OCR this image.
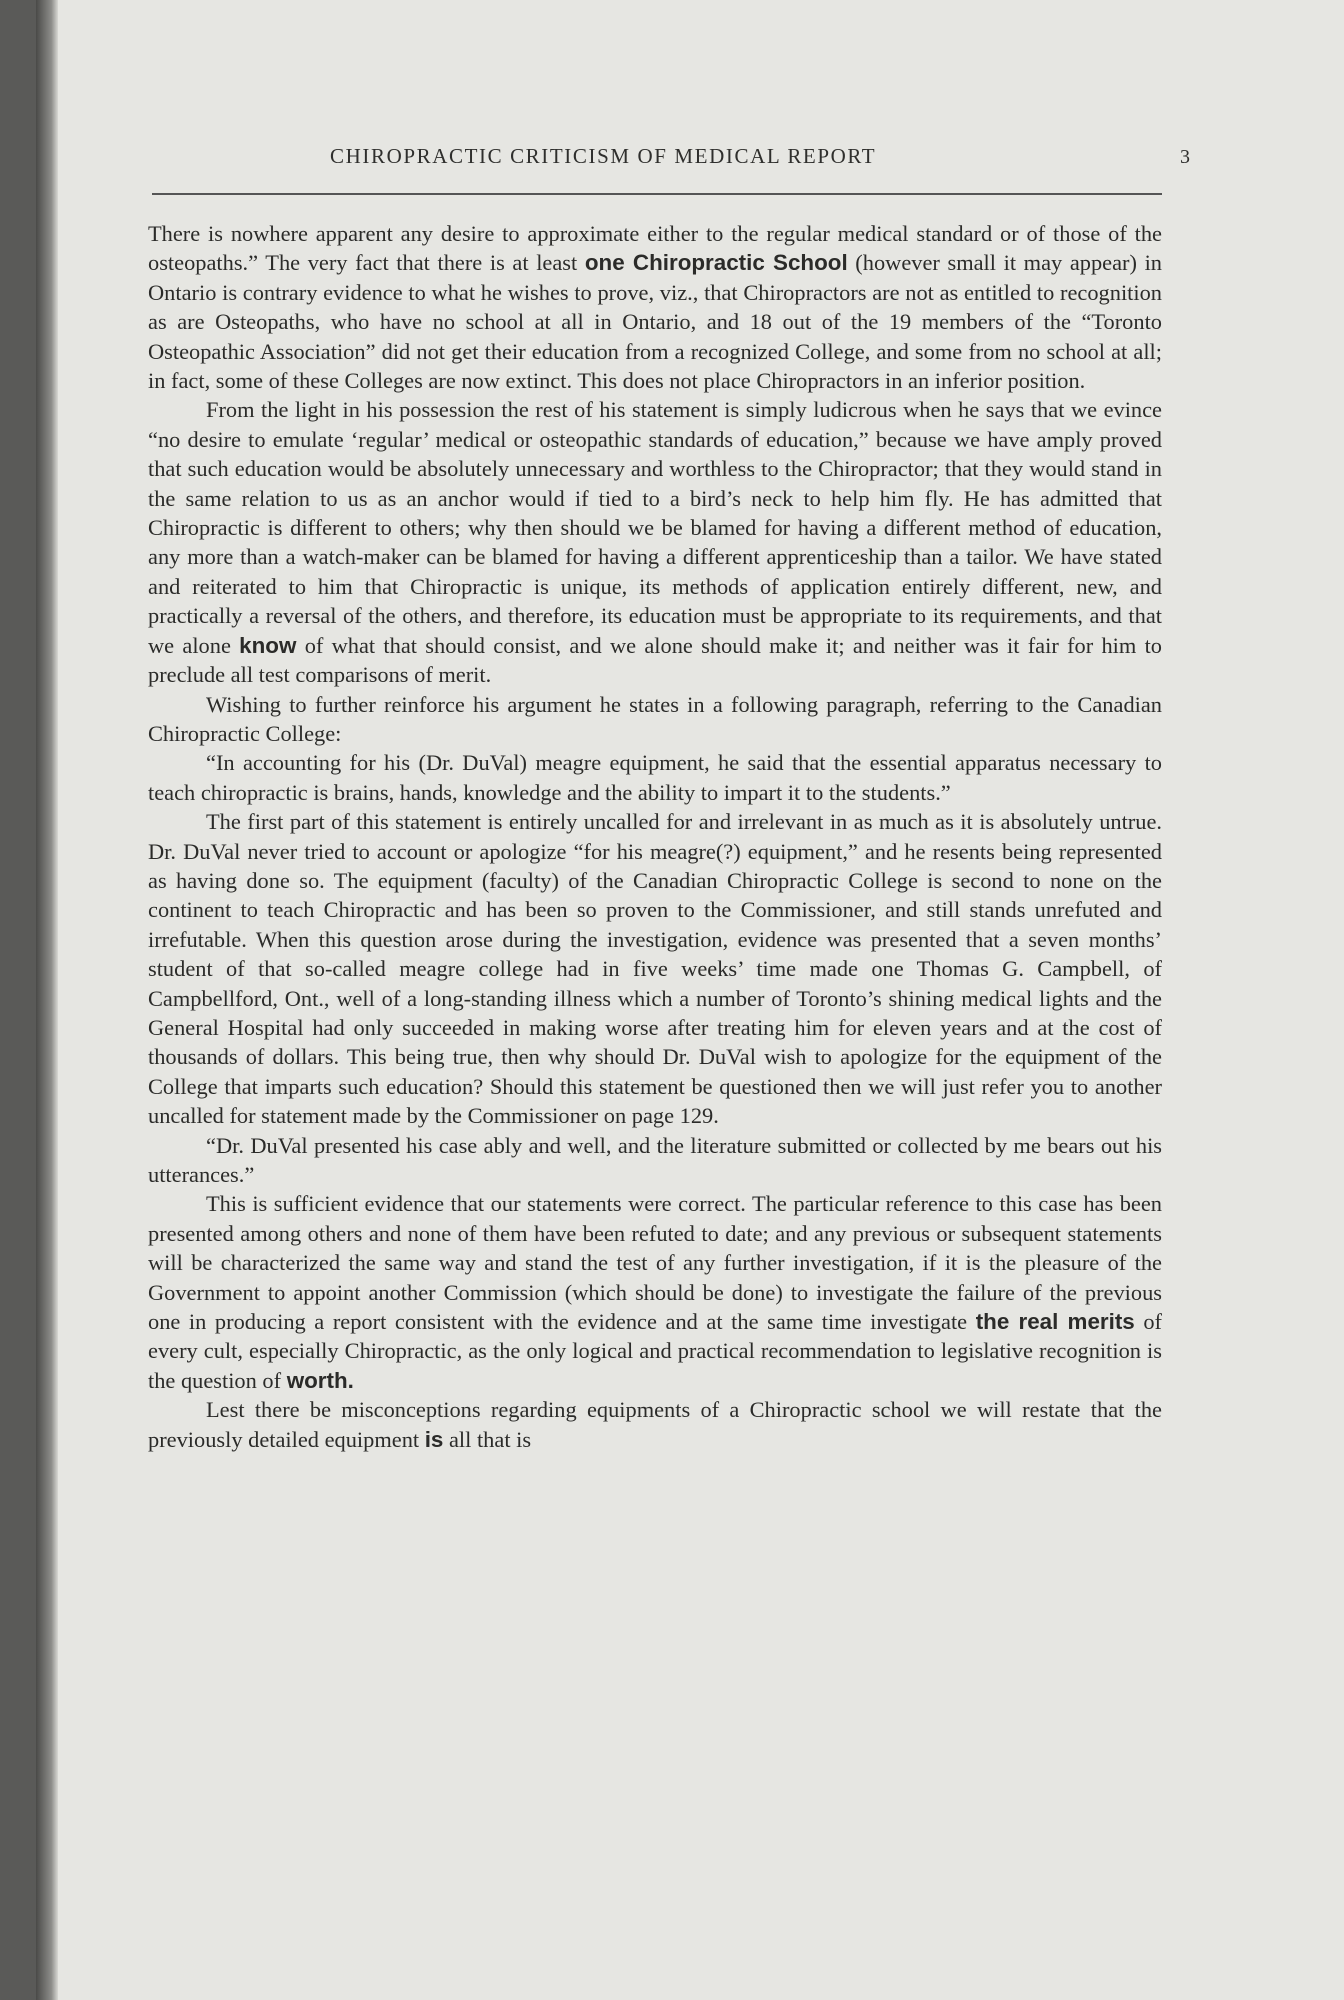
CHIROPRACTIC CRITICISM OF MEDICAL REPORT	3

There is nowhere apparent any desire to approximate either to the regular medical standard or of those of the osteopaths.” The very fact that there is at least one Chiropractic School (however small it may appear) in Ontario is contrary evidence to what he wishes to prove, viz., that Chiropractors are not as entitled to recognition as are Osteopaths, who have no school at all in Ontario, and 18 out of the 19 members of the “Toronto Osteopathic Association” did not get their education from a recognized College, and some from no school at all; in fact, some of these Colleges are now extinct. This does not place Chiropractors in an inferior position.

From the light in his possession the rest of his statement is simply ludicrous when he says that we evince “no desire to emulate ‘regular’ medical or osteopathic standards of education,” because we have amply proved that such education would be absolutely unnecessary and worthless to the Chiropractor; that they would stand in the same relation to us as an anchor would if tied to a bird’s neck to help him fly. He has admitted that Chiropractic is different to others; why then should we be blamed for having a different method of education, any more than a watch-maker can be blamed for having a different apprenticeship than a tailor. We have stated and reiterated to him that Chiropractic is unique, its methods of application entirely different, new, and practically a reversal of the others, and therefore, its education must be appropriate to its requirements, and that we alone know of what that should consist, and we alone should make it; and neither was it fair for him to preclude all test comparisons of merit.

Wishing to further reinforce his argument he states in a following paragraph, referring to the Canadian Chiropractic College:

“In accounting for his (Dr. DuVal) meagre equipment, he said that the essential apparatus necessary to teach chiropractic is brains, hands, knowledge and the ability to impart it to the students.”

The first part of this statement is entirely uncalled for and irrelevant in as much as it is absolutely untrue. Dr. DuVal never tried to account or apologize “for his meagre(?) equipment,” and he resents being represented as having done so. The equipment (faculty) of the Canadian Chiropractic College is second to none on the continent to teach Chiropractic and has been so proven to the Commissioner, and still stands unrefuted and irrefutable. When this question arose during the investigation, evidence was presented that a seven months’ student of that so-called meagre college had in five weeks’ time made one Thomas G. Campbell, of Campbellford, Ont., well of a long-standing illness which a number of Toronto’s shining medical lights and the General Hospital had only succeeded in making worse after treating him for eleven years and at the cost of thousands of dollars. This being true, then why should Dr. DuVal wish to apologize for the equipment of the College that imparts such education? Should this statement be questioned then we will just refer you to another uncalled for statement made by the Commissioner on page 129.

“Dr. DuVal presented his case ably and well, and the literature submitted or collected by me bears out his utterances.”

This is sufficient evidence that our statements were correct. The particular reference to this case has been presented among others and none of them have been refuted to date; and any previous or subsequent statements will be characterized the same way and stand the test of any further investigation, if it is the pleasure of the Government to appoint another Commission (which should be done) to investigate the failure of the previous one in producing a report consistent with the evidence and at the same time investigate the real merits of every cult, especially Chiropractic, as the only logical and practical recommendation to legislative recognition is the question of worth.

Lest there be misconceptions regarding equipments of a Chiropractic school we will restate that the previously detailed equipment is all that is
